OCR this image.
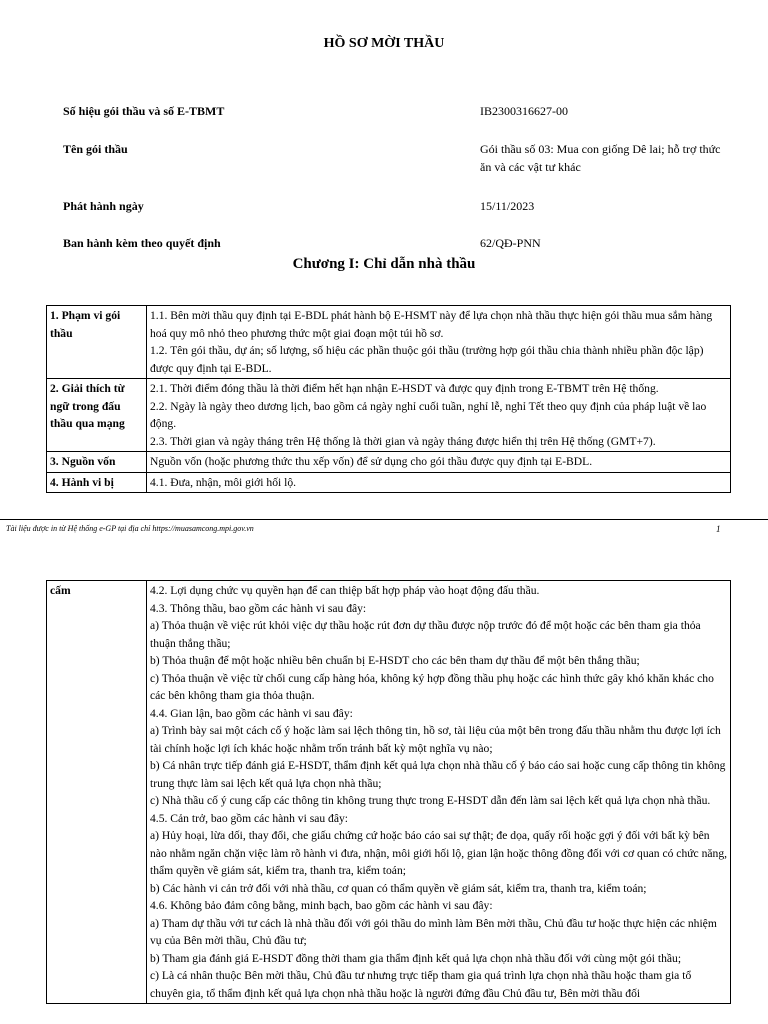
HỒ SƠ MỜI THẦU
Số hiệu gói thầu và số E-TBMT	IB2300316627-00
Tên gói thầu	Gói thầu số 03: Mua con giống Dê lai; hỗ trợ thức ăn và các vật tư khác
Phát hành ngày	15/11/2023
Ban hành kèm theo quyết định	62/QĐ-PNN
Chương I: Chỉ dẫn nhà thầu
1. Phạm vi gói thầu	1.1. Bên mời thầu quy định tại E-BDL phát hành bộ E-HSMT này để lựa chọn nhà thầu thực hiện gói thầu mua sắm hàng hoá quy mô nhỏ theo phương thức một giai đoạn một túi hồ sơ.
1.2. Tên gói thầu, dự án; số lượng, số hiệu các phần thuộc gói thầu (trường hợp gói thầu chia thành nhiều phần độc lập) được quy định tại E-BDL.

2. Giải thích từ ngữ trong đấu thầu qua mạng	2.1. Thời điểm đóng thầu là thời điểm hết hạn nhận E-HSDT và được quy định trong E-TBMT trên Hệ thống.
2.2. Ngày là ngày theo dương lịch, bao gồm cả ngày nghỉ cuối tuần, nghỉ lễ, nghỉ Tết theo quy định của pháp luật về lao động.
2.3. Thời gian và ngày tháng trên Hệ thống là thời gian và ngày tháng được hiển thị trên Hệ thống (GMT+7).

3. Nguồn vốn	Nguồn vốn (hoặc phương thức thu xếp vốn) để sử dụng cho gói thầu được quy định tại E-BDL.

4. Hành vi bị	4.1. Đưa, nhận, môi giới hối lộ.
Tài liệu được in từ Hệ thống e-GP tại địa chỉ https://muasamcong.mpi.gov.vn	1
cấm	4.2. Lợi dụng chức vụ quyền hạn để can thiệp bất hợp pháp vào hoạt động đấu thầu.
4.3. Thông thầu, bao gồm các hành vi sau đây:
a) Thỏa thuận về việc rút khỏi việc dự thầu hoặc rút đơn dự thầu được nộp trước đó để một hoặc các bên tham gia thỏa thuận thắng thầu;
b) Thỏa thuận để một hoặc nhiều bên chuẩn bị E-HSDT cho các bên tham dự thầu để một bên thắng thầu;
c) Thỏa thuận về việc từ chối cung cấp hàng hóa, không ký hợp đồng thầu phụ hoặc các hình thức gây khó khăn khác cho các bên không tham gia thỏa thuận.
4.4. Gian lận, bao gồm các hành vi sau đây:
a) Trình bày sai một cách cố ý hoặc làm sai lệch thông tin, hồ sơ, tài liệu của một bên trong đấu thầu nhằm thu được lợi ích tài chính hoặc lợi ích khác hoặc nhằm trốn tránh bất kỳ một nghĩa vụ nào;
b) Cá nhân trực tiếp đánh giá E-HSDT, thẩm định kết quả lựa chọn nhà thầu cố ý báo cáo sai hoặc cung cấp thông tin không trung thực làm sai lệch kết quả lựa chọn nhà thầu;
c) Nhà thầu cố ý cung cấp các thông tin không trung thực trong E-HSDT dẫn đến làm sai lệch kết quả lựa chọn nhà thầu.
4.5. Cản trở, bao gồm các hành vi sau đây:
a) Hủy hoại, lừa dối, thay đổi, che giấu chứng cứ hoặc báo cáo sai sự thật; đe dọa, quấy rối hoặc gợi ý đối với bất kỳ bên nào nhằm ngăn chặn việc làm rõ hành vi đưa, nhận, môi giới hối lộ, gian lận hoặc thông đồng đối với cơ quan có chức năng, thẩm quyền về giám sát, kiểm tra, thanh tra, kiểm toán;
b) Các hành vi cản trở đối với nhà thầu, cơ quan có thẩm quyền về giám sát, kiểm tra, thanh tra, kiểm toán;
4.6. Không bảo đảm công bằng, minh bạch, bao gồm các hành vi sau đây:
a) Tham dự thầu với tư cách là nhà thầu đối với gói thầu do mình làm Bên mời thầu, Chủ đầu tư hoặc thực hiện các nhiệm vụ của Bên mời thầu, Chủ đầu tư;
b) Tham gia đánh giá E-HSDT đồng thời tham gia thẩm định kết quả lựa chọn nhà thầu đối với cùng một gói thầu;
c) Là cá nhân thuộc Bên mời thầu, Chủ đầu tư nhưng trực tiếp tham gia quá trình lựa chọn nhà thầu hoặc tham gia tổ chuyên gia, tổ thẩm định kết quả lựa chọn nhà thầu hoặc là người đứng đầu Chủ đầu tư, Bên mời thầu đối
